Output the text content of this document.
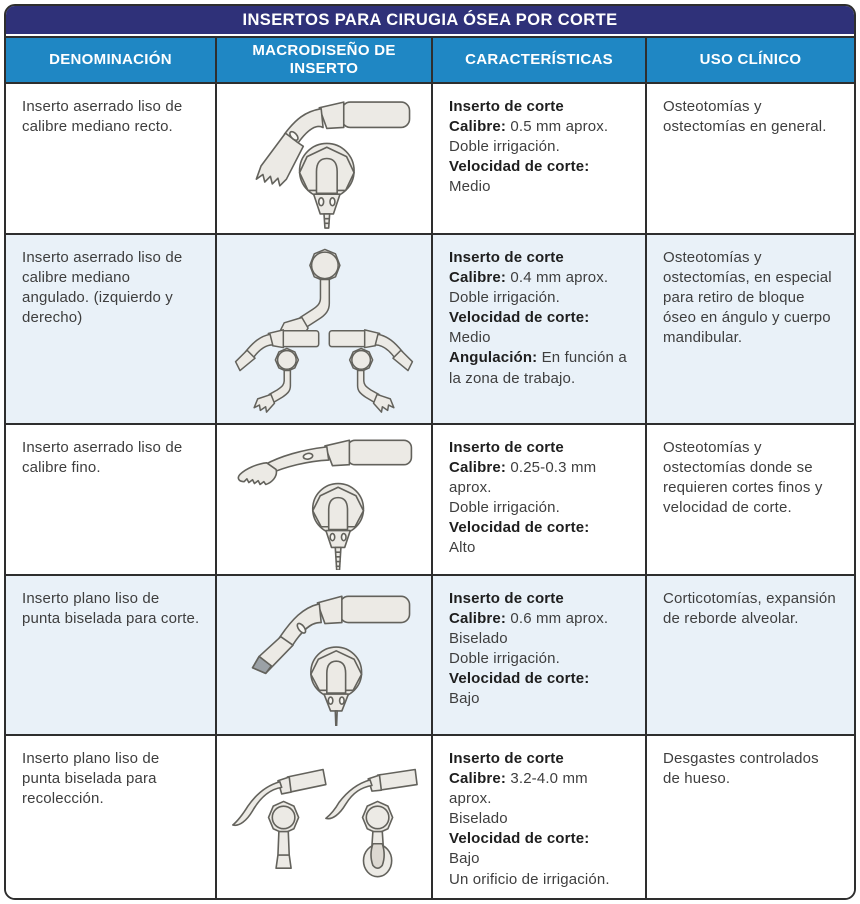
INSERTOS PARA CIRUGIA ÓSEA POR CORTE
DENOMINACIÓN
MACRODISEÑO DE INSERTO
CARACTERÍSTICAS	USO CLÍNICO
Inserto aserrado liso de calibre mediano recto.
Inserto de corte
Calibre: 0.5 mm aprox.
Doble irrigación.
Velocidad de corte:
Medio
Osteotomías y ostectomías en general.
Inserto aserrado liso de calibre mediano angulado. (izquierdo y derecho)
Inserto de corte
Calibre: 0.4 mm aprox.
Doble irrigación.
Velocidad de corte:
Medio
Angulación: En función a la zona de trabajo.
Osteotomías y ostectomías, en especial para retiro de bloque óseo en ángulo y cuerpo mandibular.
Inserto aserrado liso de calibre fino.
Inserto de corte
Calibre: 0.25-0.3 mm aprox.
Doble irrigación.
Velocidad de corte:
Alto
Osteotomías y ostectomías donde se requieren cortes finos y velocidad de corte.
Inserto plano liso de punta biselada para corte.
Inserto de corte
Calibre: 0.6 mm aprox.
Biselado
Doble irrigación.
Velocidad de corte:
Bajo
Corticotomías, expansión de reborde alveolar.
Inserto plano liso de punta biselada para recolección.
Inserto de corte
Calibre: 3.2-4.0 mm aprox.
Biselado
Velocidad de corte:
Bajo
Un orificio de irrigación.
Desgastes controlados de hueso.
